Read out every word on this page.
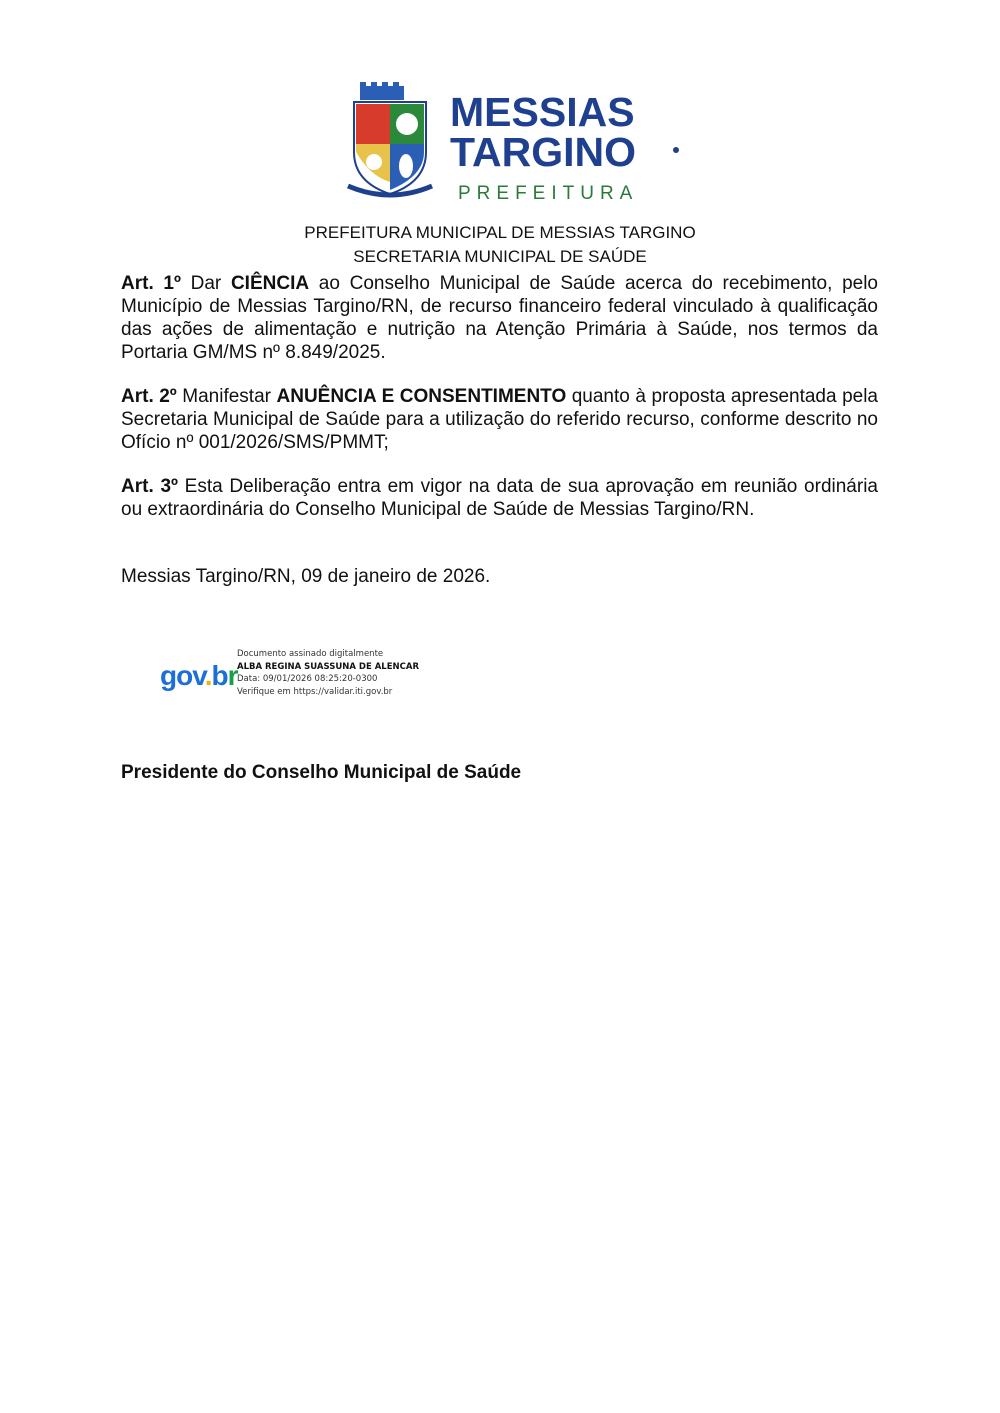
MESSIAS
TARGINO
PREFEITURA
PREFEITURA MUNICIPAL DE MESSIAS TARGINO
SECRETARIA MUNICIPAL DE SAÚDE
Art. 1º Dar CIÊNCIA ao Conselho Municipal de Saúde acerca do recebimento, pelo Município de Messias Targino/RN, de recurso financeiro federal vinculado à qualificação das ações de alimentação e nutrição na Atenção Primária à Saúde, nos termos da Portaria GM/MS nº 8.849/2025.
Art. 2º Manifestar ANUÊNCIA E CONSENTIMENTO quanto à proposta apresentada pela Secretaria Municipal de Saúde para a utilização do referido recurso, conforme descrito no Ofício nº 001/2026/SMS/PMMT;
Art. 3º Esta Deliberação entra em vigor na data de sua aprovação em reunião ordinária ou extraordinária do Conselho Municipal de Saúde de Messias Targino/RN.
Messias Targino/RN, 09 de janeiro de 2026.
gov.br
Documento assinado digitalmente
ALBA REGINA SUASSUNA DE ALENCAR
Data: 09/01/2026 08:25:20-0300
Verifique em https://validar.iti.gov.br
Presidente do Conselho Municipal de Saúde
